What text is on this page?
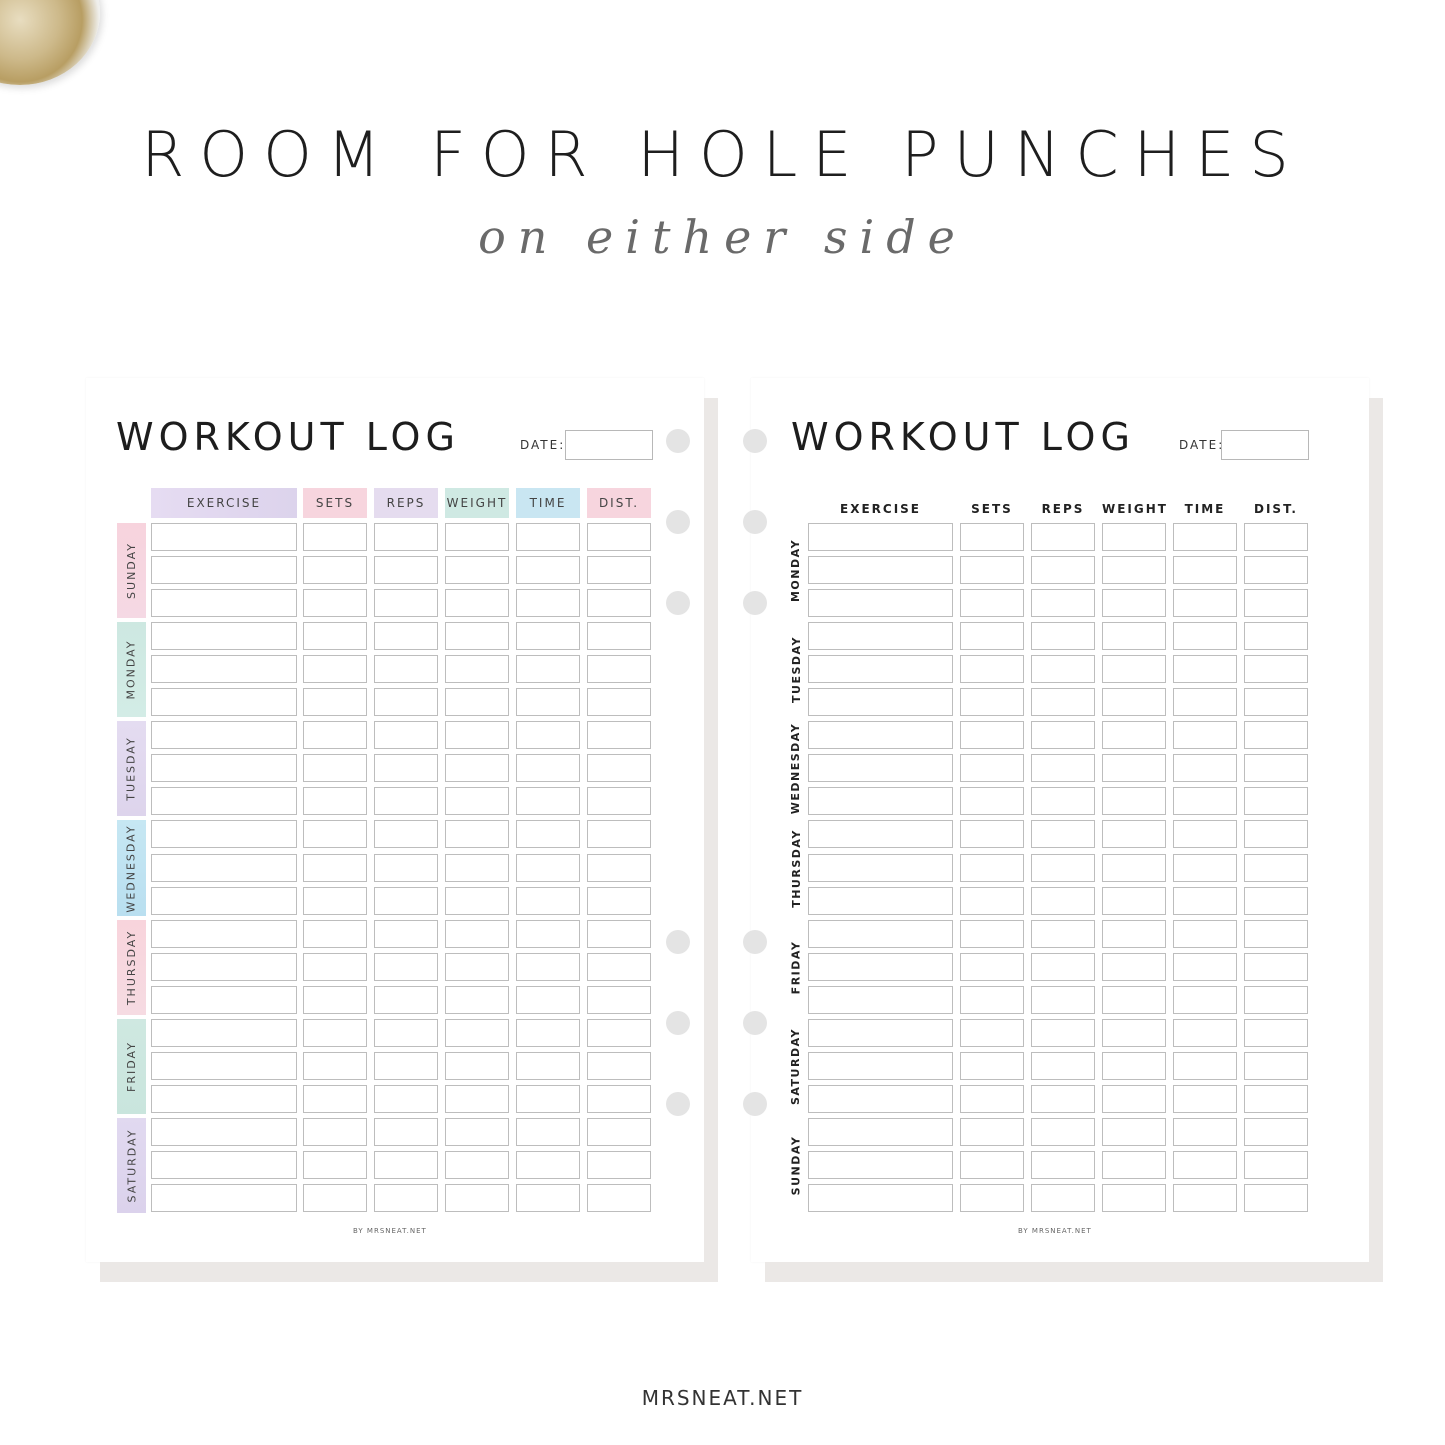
ROOM FOR HOLE PUNCHES
on either side
WORKOUT LOG	DATE:	WORKOUT LOG	DATE:
EXERCISE	SETS	REPS	WEIGHT	TIME	DIST.
SUNDAY
MONDAY
TUESDAY
WEDNESDAY
THURSDAY
FRIDAY
SATURDAY
EXERCISE	SETS	REPS	WEIGHT	TIME	DIST.
MONDAY
TUESDAY
WEDNESDAY
THURSDAY
FRIDAY
SATURDAY
SUNDAY
BY MRSNEAT.NET	BY MRSNEAT.NET
MRSNEAT.NET
